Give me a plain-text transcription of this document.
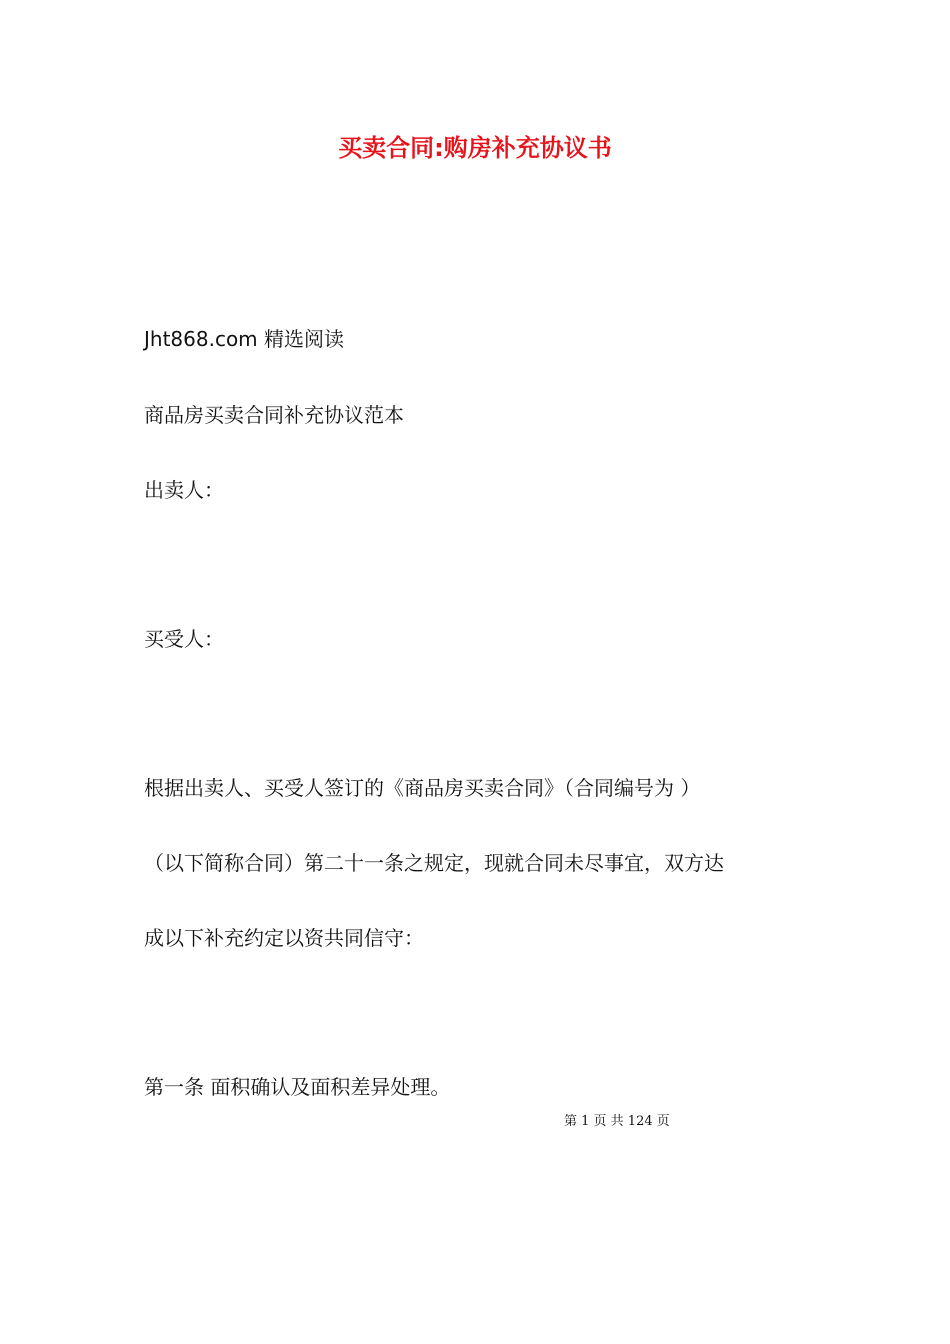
买卖合同:购房补充协议书
Jht868.com 精选阅读
商品房买卖合同补充协议范本
出卖人：
买受人：
根据出卖人、买受人签订的《商品房买卖合同》（合同编号为 ）
（以下简称合同）第二十一条之规定，现就合同未尽事宜，双方达
成以下补充约定以资共同信守：
第一条 面积确认及面积差异处理。
第 1 页 共 124 页
